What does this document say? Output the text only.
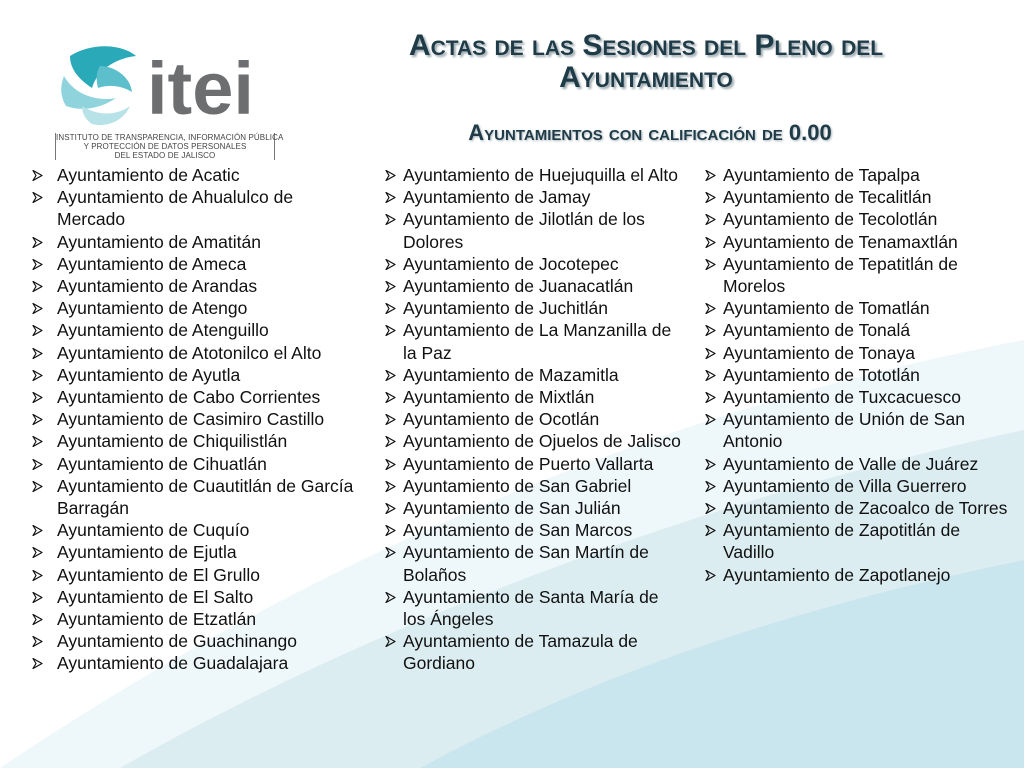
itei
INSTITUTO DE TRANSPARENCIA, INFORMACIÓN PÚBLICA
Y PROTECCIÓN DE DATOS PERSONALES
DEL ESTADO DE JALISCO
Actas de las Sesiones del Pleno del
Ayuntamiento
Ayuntamientos con calificación de 0.00
Ayuntamiento de Acatic
Ayuntamiento de Ahualulco de Mercado
Ayuntamiento de Amatitán
Ayuntamiento de Ameca
Ayuntamiento de Arandas
Ayuntamiento de Atengo
Ayuntamiento de Atenguillo
Ayuntamiento de Atotonilco el Alto
Ayuntamiento de Ayutla
Ayuntamiento de Cabo Corrientes
Ayuntamiento de Casimiro Castillo
Ayuntamiento de Chiquilistlán
Ayuntamiento de Cihuatlán
Ayuntamiento de Cuautitlán de García Barragán
Ayuntamiento de Cuquío
Ayuntamiento de Ejutla
Ayuntamiento de El Grullo
Ayuntamiento de El Salto
Ayuntamiento de Etzatlán
Ayuntamiento de Guachinango
Ayuntamiento de Guadalajara
Ayuntamiento de Huejuquilla el Alto
Ayuntamiento de Jamay
Ayuntamiento de Jilotlán de los Dolores
Ayuntamiento de Jocotepec
Ayuntamiento de Juanacatlán
Ayuntamiento de Juchitlán
Ayuntamiento de La Manzanilla de la Paz
Ayuntamiento de Mazamitla
Ayuntamiento de Mixtlán
Ayuntamiento de Ocotlán
Ayuntamiento de Ojuelos de Jalisco
Ayuntamiento de Puerto Vallarta
Ayuntamiento de San Gabriel
Ayuntamiento de San Julián
Ayuntamiento de San Marcos
Ayuntamiento de San Martín de Bolaños
Ayuntamiento de Santa María de los Ángeles
Ayuntamiento de Tamazula de Gordiano
Ayuntamiento de Tapalpa
Ayuntamiento de Tecalitlán
Ayuntamiento de Tecolotlán
Ayuntamiento de Tenamaxtlán
Ayuntamiento de Tepatitlán de Morelos
Ayuntamiento de Tomatlán
Ayuntamiento de Tonalá
Ayuntamiento de Tonaya
Ayuntamiento de Tototlán
Ayuntamiento de Tuxcacuesco
Ayuntamiento de Unión de San Antonio
Ayuntamiento de Valle de Juárez
Ayuntamiento de Villa Guerrero
Ayuntamiento de Zacoalco de Torres
Ayuntamiento de Zapotitlán de Vadillo
Ayuntamiento de Zapotlanejo
